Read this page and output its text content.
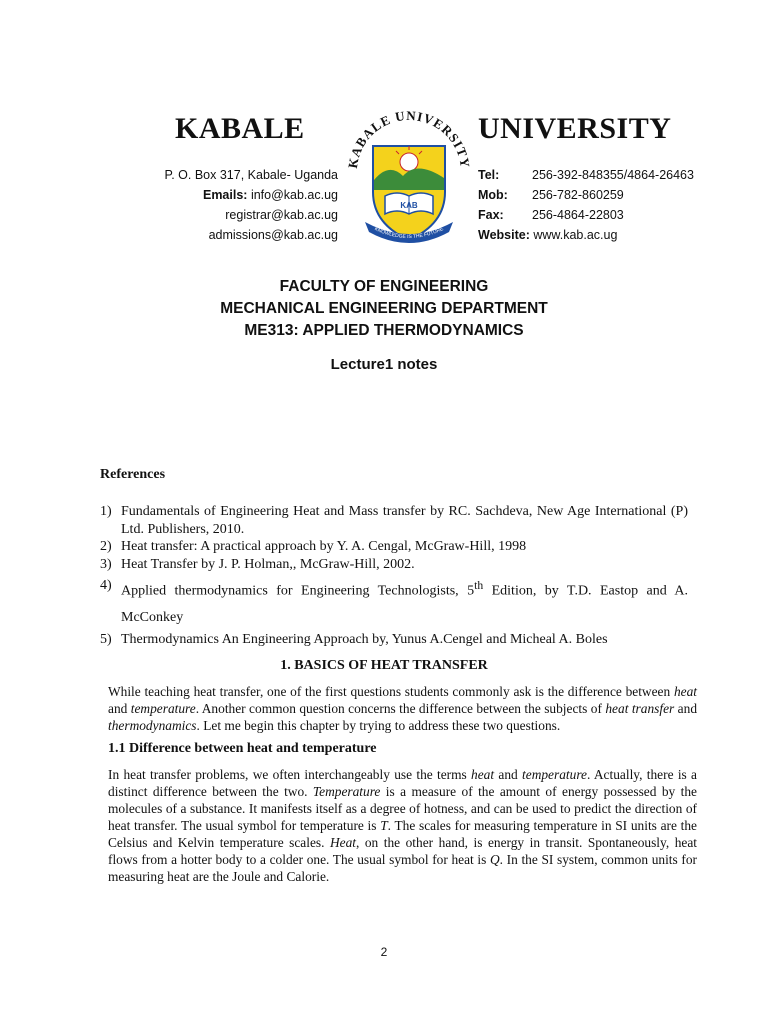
KABALE	UNIVERSITY
P. O. Box 317, Kabale- Uganda
Emails: info@kab.ac.ug
registrar@kab.ac.ug
admissions@kab.ac.ug
KABALE UNIVERSITY
KAB
KNOWLEDGE IS THE FUTURE
Tel:	256-392-848355/4864-26463
Mob:	256-782-860259
Fax:	256-4864-22803
Website: www.kab.ac.ug
FACULTY OF ENGINEERING
MECHANICAL ENGINEERING DEPARTMENT
ME313: APPLIED THERMODYNAMICS
Lecture1 notes
References
1) Fundamentals of Engineering Heat and Mass transfer by RC. Sachdeva, New Age International (P) Ltd. Publishers, 2010.
2) Heat transfer: A practical approach by Y. A. Cengal, McGraw-Hill, 1998
3) Heat Transfer by J. P. Holman,, McGraw-Hill, 2002.
4) Applied thermodynamics for Engineering Technologists, 5th Edition, by T.D. Eastop and A. McConkey
5) Thermodynamics An Engineering Approach by, Yunus A.Cengel and Micheal A. Boles
1. BASICS OF HEAT TRANSFER
While teaching heat transfer, one of the first questions students commonly ask is the difference between heat and temperature. Another common question concerns the difference between the subjects of heat transfer and thermodynamics. Let me begin this chapter by trying to address these two questions.
1.1 Difference between heat and temperature
In heat transfer problems, we often interchangeably use the terms heat and temperature. Actually, there is a distinct difference between the two. Temperature is a measure of the amount of energy possessed by the molecules of a substance. It manifests itself as a degree of hotness, and can be used to predict the direction of heat transfer. The usual symbol for temperature is T. The scales for measuring temperature in SI units are the Celsius and Kelvin temperature scales. Heat, on the other hand, is energy in transit. Spontaneously, heat flows from a hotter body to a colder one. The usual symbol for heat is Q. In the SI system, common units for measuring heat are the Joule and Calorie.
2
